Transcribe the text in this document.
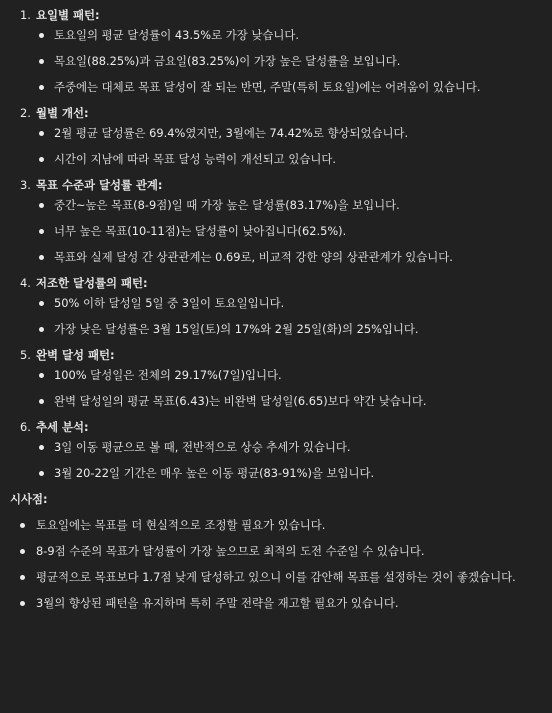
1. 요일별 패턴:
토요일의 평균 달성률이 43.5%로 가장 낮습니다.
목요일(88.25%)과 금요일(83.25%)이 가장 높은 달성률을 보입니다.
주중에는 대체로 목표 달성이 잘 되는 반면, 주말(특히 토요일)에는 어려움이 있습니다.
2. 월별 개선:
2월 평균 달성률은 69.4%였지만, 3월에는 74.42%로 향상되었습니다.
시간이 지남에 따라 목표 달성 능력이 개선되고 있습니다.
3. 목표 수준과 달성률 관계:
중간~높은 목표(8-9점)일 때 가장 높은 달성률(83.17%)을 보입니다.
너무 높은 목표(10-11점)는 달성률이 낮아집니다(62.5%).
목표와 실제 달성 간 상관관계는 0.69로, 비교적 강한 양의 상관관계가 있습니다.
4. 저조한 달성률의 패턴:
50% 이하 달성일 5일 중 3일이 토요일입니다.
가장 낮은 달성률은 3월 15일(토)의 17%와 2월 25일(화)의 25%입니다.
5. 완벽 달성 패턴:
100% 달성일은 전체의 29.17%(7일)입니다.
완벽 달성일의 평균 목표(6.43)는 비완벽 달성일(6.65)보다 약간 낮습니다.
6. 추세 분석:
3일 이동 평균으로 볼 때, 전반적으로 상승 추세가 있습니다.
3월 20-22일 기간은 매우 높은 이동 평균(83-91%)을 보입니다.
시사점:
토요일에는 목표를 더 현실적으로 조정할 필요가 있습니다.
8-9점 수준의 목표가 달성률이 가장 높으므로 최적의 도전 수준일 수 있습니다.
평균적으로 목표보다 1.7점 낮게 달성하고 있으니 이를 감안해 목표를 설정하는 것이 좋겠습니다.
3월의 향상된 패턴을 유지하며 특히 주말 전략을 재고할 필요가 있습니다.
